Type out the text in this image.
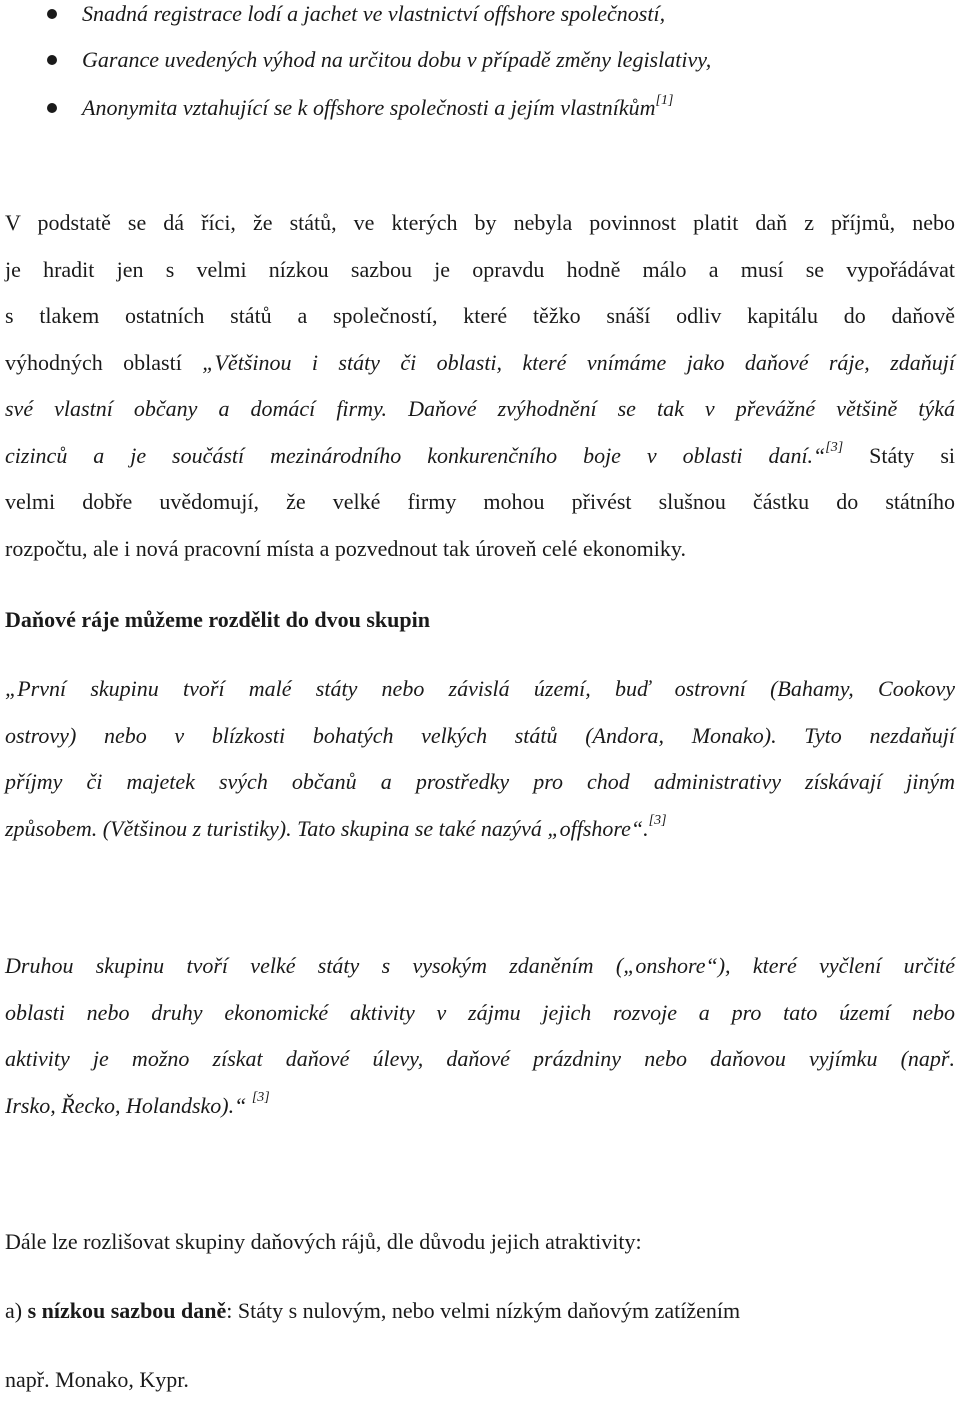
Snadná registrace lodí a jachet ve vlastnictví offshore společností,
Garance uvedených výhod na určitou dobu v případě změny legislativy,
Anonymita vztahující se k offshore společnosti a jejím vlastníkům[1]
V podstatě se dá říci, že států, ve kterých by nebyla povinnost platit daň z příjmů, nebo
je hradit jen s velmi nízkou sazbou je opravdu hodně málo a musí se vypořádávat
s tlakem ostatních států a společností, které těžko snáší odliv kapitálu do daňově
výhodných oblastí „Většinou i státy či oblasti, které vnímáme jako daňové ráje, zdaňují
své vlastní občany a domácí firmy. Daňové zvýhodnění se tak v převážné většině týká
cizinců a je součástí mezinárodního konkurenčního boje v oblasti daní.“[3] Státy si
velmi dobře uvědomují, že velké firmy mohou přivést slušnou částku do státního
rozpočtu, ale i nová pracovní místa a pozvednout tak úroveň celé ekonomiky.
Daňové ráje můžeme rozdělit do dvou skupin
„První skupinu tvoří malé státy nebo závislá území, buď ostrovní (Bahamy, Cookovy
ostrovy) nebo v blízkosti bohatých velkých států (Andora, Monako). Tyto nezdaňují
příjmy či majetek svých občanů a prostředky pro chod administrativy získávají jiným
způsobem. (Většinou z turistiky). Tato skupina se také nazývá „offshore“.[3]
Druhou skupinu tvoří velké státy s vysokým zdaněním („onshore“), které vyčlení určité
oblasti nebo druhy ekonomické aktivity v zájmu jejich rozvoje a pro tato území nebo
aktivity je možno získat daňové úlevy, daňové prázdniny nebo daňovou vyjímku (např.
Irsko, Řecko, Holandsko).“ [3]
Dále lze rozlišovat skupiny daňových rájů, dle důvodu jejich atraktivity:
a) s nízkou sazbou daně: Státy s nulovým, nebo velmi nízkým daňovým zatížením
např. Monako, Kypr.
